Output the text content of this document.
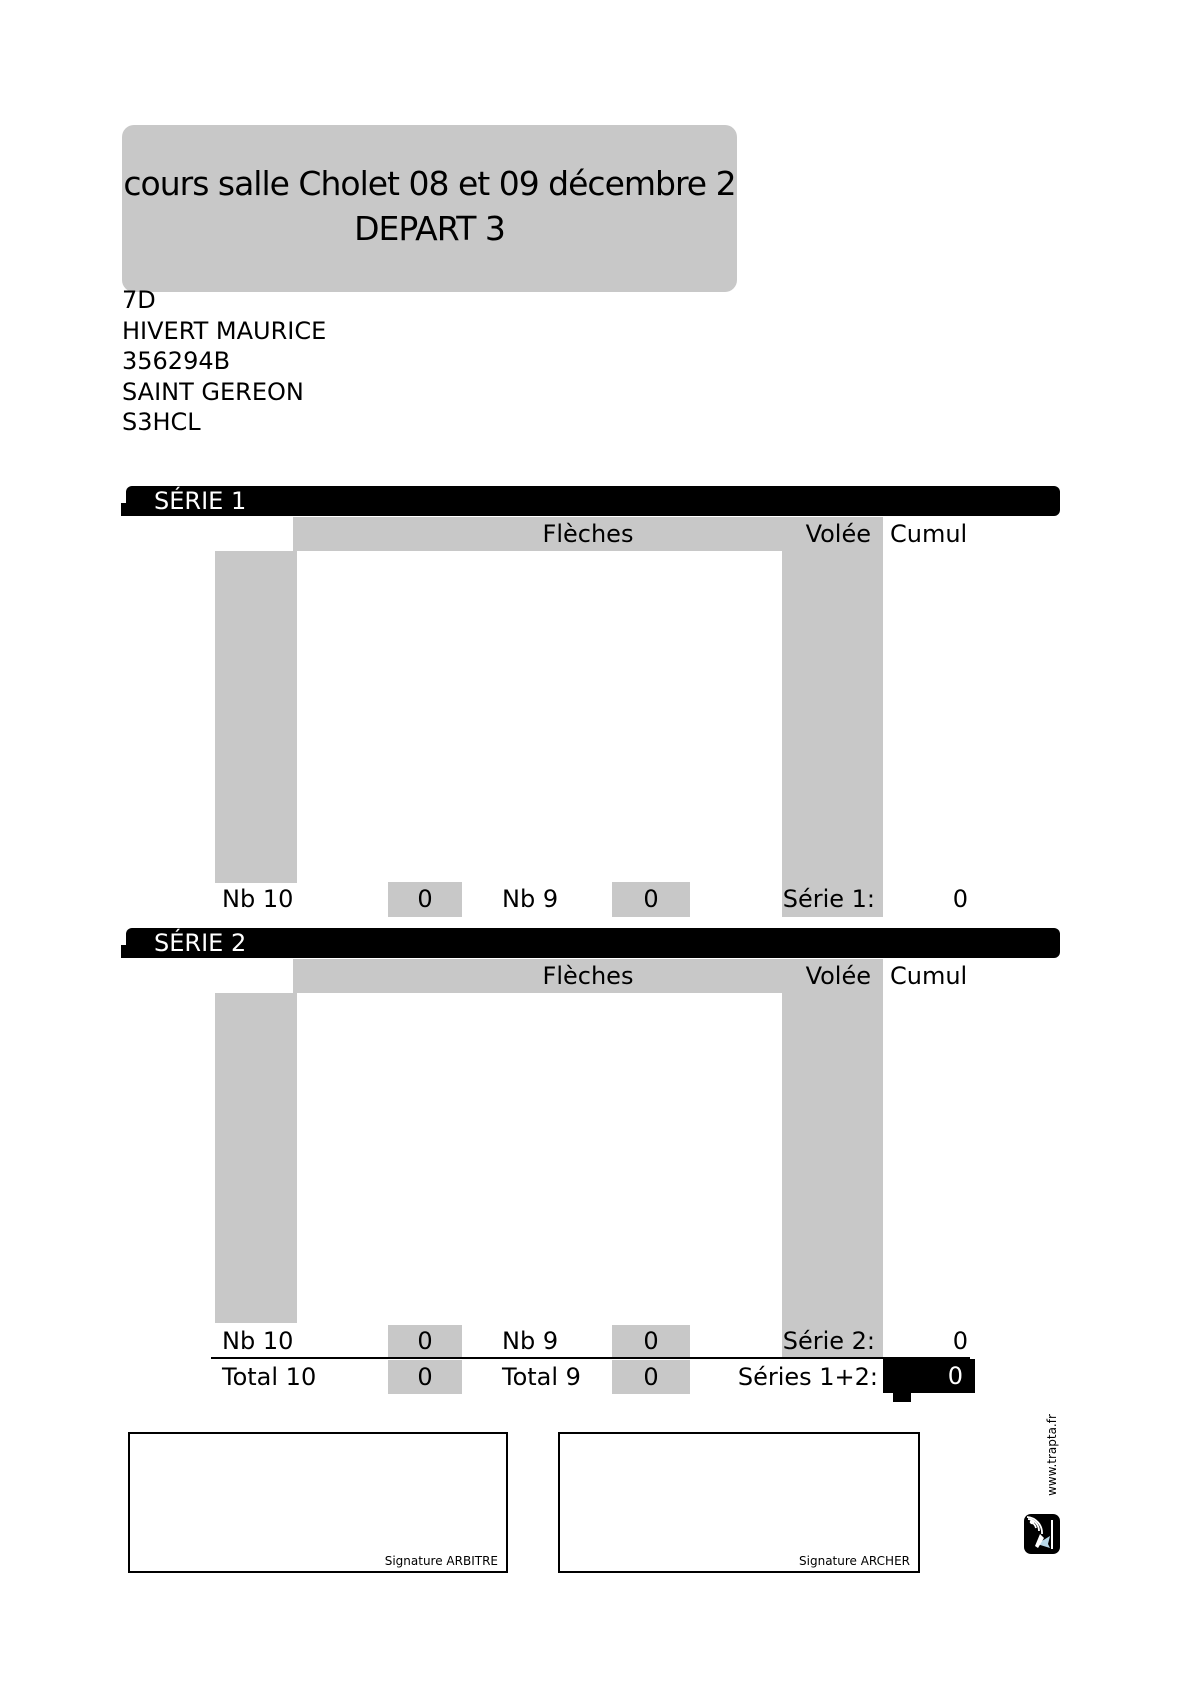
cours salle Cholet 08 et 09 décembre 2
DEPART 3
7D
HIVERT MAURICE
356294B
SAINT GEREON
S3HCL
SÉRIE 1
Flèches	Volée Cumul
Nb 10	0	Nb 9	0	Série 1:	0
SÉRIE 2
Flèches	Volée Cumul
Nb 10	0	Nb 9	0	Série 2:	0
Total 10	0	Total 9	0	Séries 1+2:	0
Signature ARBITRE	Signature ARCHER
www.trapta.fr
